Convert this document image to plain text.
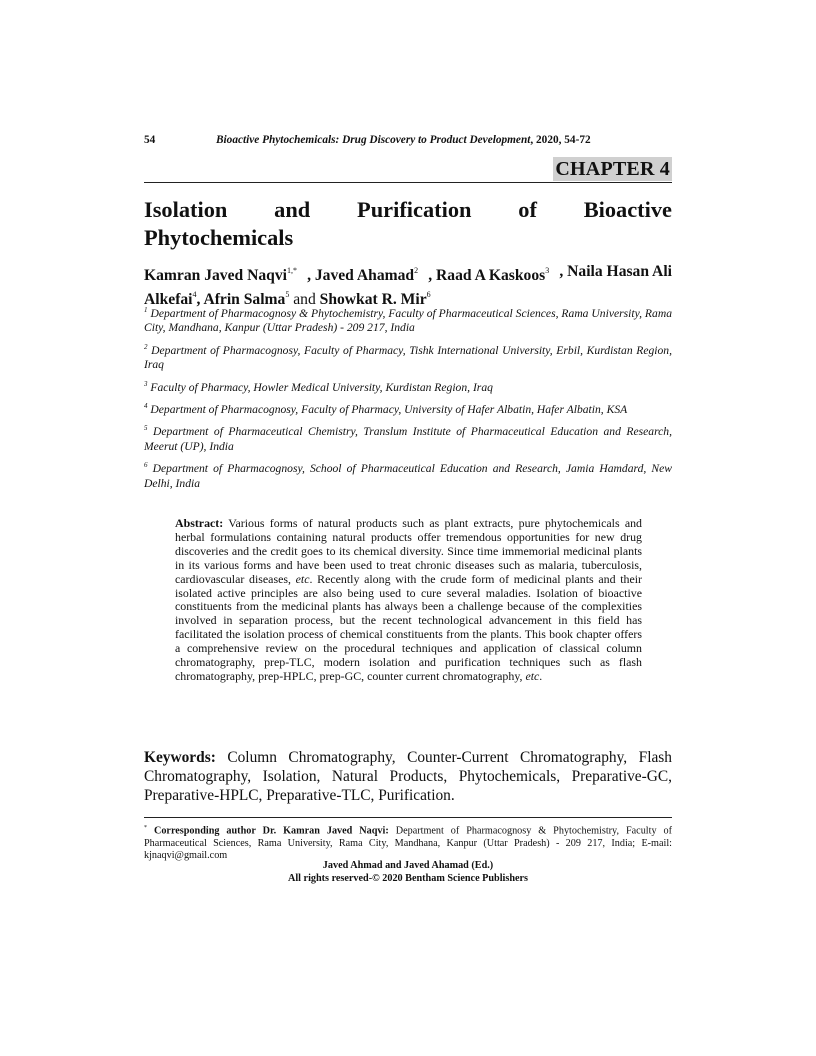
54	Bioactive Phytochemicals: Drug Discovery to Product Development, 2020, 54-72
CHAPTER 4
Isolation and Purification of Bioactive
Phytochemicals
Kamran Javed Naqvi$^{1,*}$ , Javed Ahamad$^2$ , Raad A Kaskoos$^3$ , Naila Hasan Ali
Alkefai$^4$, Afrin Salma$^5$ and Showkat R. Mir$^6$
$^1$ Department of Pharmacognosy & Phytochemistry, Faculty of Pharmaceutical Sciences, Rama University, Rama City, Mandhana, Kanpur (Uttar Pradesh) - 209 217, India
$^2$ Department of Pharmacognosy, Faculty of Pharmacy, Tishk International University, Erbil, Kurdistan Region, Iraq
$^3$ Faculty of Pharmacy, Howler Medical University, Kurdistan Region, Iraq
$^4$ Department of Pharmacognosy, Faculty of Pharmacy, University of Hafer Albatin, Hafer Albatin, KSA
$^5$ Department of Pharmaceutical Chemistry, Translum Institute of Pharmaceutical Education and Research, Meerut (UP), India
$^6$ Department of Pharmacognosy, School of Pharmaceutical Education and Research, Jamia Hamdard, New Delhi, India
Abstract: Various forms of natural products such as plant extracts, pure phytochemicals and herbal formulations containing natural products offer tremendous opportunities for new drug discoveries and the credit goes to its chemical diversity. Since time immemorial medicinal plants in its various forms and have been used to treat chronic diseases such as malaria, tuberculosis, cardiovascular diseases, etc. Recently along with the crude form of medicinal plants and their isolated active principles are also being used to cure several maladies. Isolation of bioactive constituents from the medicinal plants has always been a challenge because of the complexities involved in separation process, but the recent technological advancement in this field has facilitated the isolation process of chemical constituents from the plants. This book chapter offers a comprehensive review on the procedural techniques and application of classical column chromatography, prep-TLC, modern isolation and purification techniques such as flash chromatography, prep-HPLC, prep-GC, counter current chromatography, etc.
Keywords: Column Chromatography, Counter-Current Chromatography, Flash Chromatography, Isolation, Natural Products, Phytochemicals, Preparative-GC, Preparative-HPLC, Preparative-TLC, Purification.
* Corresponding author Dr. Kamran Javed Naqvi: Department of Pharmacognosy & Phytochemistry, Faculty of Pharmaceutical Sciences, Rama University, Rama City, Mandhana, Kanpur (Uttar Pradesh) - 209 217, India; E-mail: kjnaqvi@gmail.com
Javed Ahmad and Javed Ahamad (Ed.)
All rights reserved-© 2020 Bentham Science Publishers
